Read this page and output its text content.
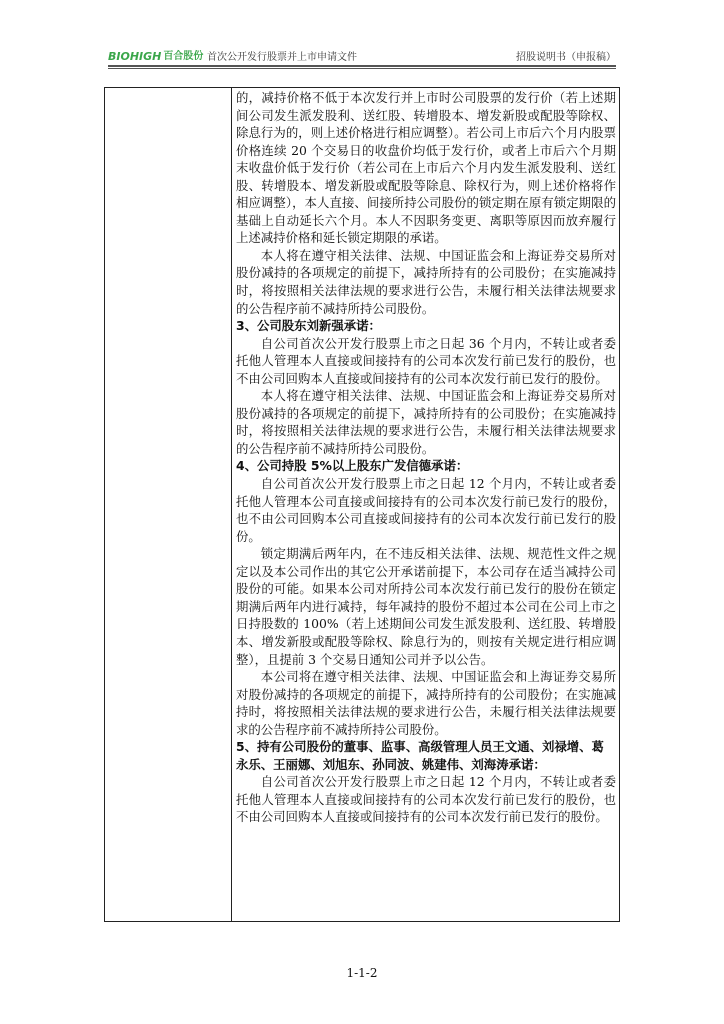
BIOHIGH 百合股份 首次公开发行股票并上市申请文件	招股说明书（申报稿）

的，减持价格不低于本次发行并上市时公司股票的发行价（若上述期间公司发生派发股利、送红股、转增股本、增发新股或配股等除权、除息行为的，则上述价格进行相应调整）。若公司上市后六个月内股票价格连续 20 个交易日的收盘价均低于发行价，或者上市后六个月期末收盘价低于发行价（若公司在上市后六个月内发生派发股利、送红股、转增股本、增发新股或配股等除息、除权行为，则上述价格将作相应调整），本人直接、间接所持公司股份的锁定期在原有锁定期限的基础上自动延长六个月。本人不因职务变更、离职等原因而放弃履行上述减持价格和延长锁定期限的承诺。

本人将在遵守相关法律、法规、中国证监会和上海证券交易所对股份减持的各项规定的前提下，减持所持有的公司股份；在实施减持时，将按照相关法律法规的要求进行公告，未履行相关法律法规要求的公告程序前不减持所持公司股份。

3、公司股东刘新强承诺：

自公司首次公开发行股票上市之日起 36 个月内，不转让或者委托他人管理本人直接或间接持有的公司本次发行前已发行的股份，也不由公司回购本人直接或间接持有的公司本次发行前已发行的股份。

本人将在遵守相关法律、法规、中国证监会和上海证券交易所对股份减持的各项规定的前提下，减持所持有的公司股份；在实施减持时，将按照相关法律法规的要求进行公告，未履行相关法律法规要求的公告程序前不减持所持公司股份。

4、公司持股 5%以上股东广发信德承诺：

自公司首次公开发行股票上市之日起 12 个月内，不转让或者委托他人管理本公司直接或间接持有的公司本次发行前已发行的股份，也不由公司回购本公司直接或间接持有的公司本次发行前已发行的股份。

锁定期满后两年内，在不违反相关法律、法规、规范性文件之规定以及本公司作出的其它公开承诺前提下，本公司存在适当减持公司股份的可能。如果本公司对所持公司本次发行前已发行的股份在锁定期满后两年内进行减持，每年减持的股份不超过本公司在公司上市之日持股数的 100%（若上述期间公司发生派发股利、送红股、转增股本、增发新股或配股等除权、除息行为的，则按有关规定进行相应调整），且提前 3 个交易日通知公司并予以公告。

本公司将在遵守相关法律、法规、中国证监会和上海证券交易所对股份减持的各项规定的前提下，减持所持有的公司股份；在实施减持时，将按照相关法律法规的要求进行公告，未履行相关法律法规要求的公告程序前不减持所持公司股份。

5、持有公司股份的董事、监事、高级管理人员王文通、刘禄增、葛永乐、王丽娜、刘旭东、孙同波、姚建伟、刘海涛承诺：

自公司首次公开发行股票上市之日起 12 个月内，不转让或者委托他人管理本人直接或间接持有的公司本次发行前已发行的股份，也不由公司回购本人直接或间接持有的公司本次发行前已发行的股份。

1-1-2
